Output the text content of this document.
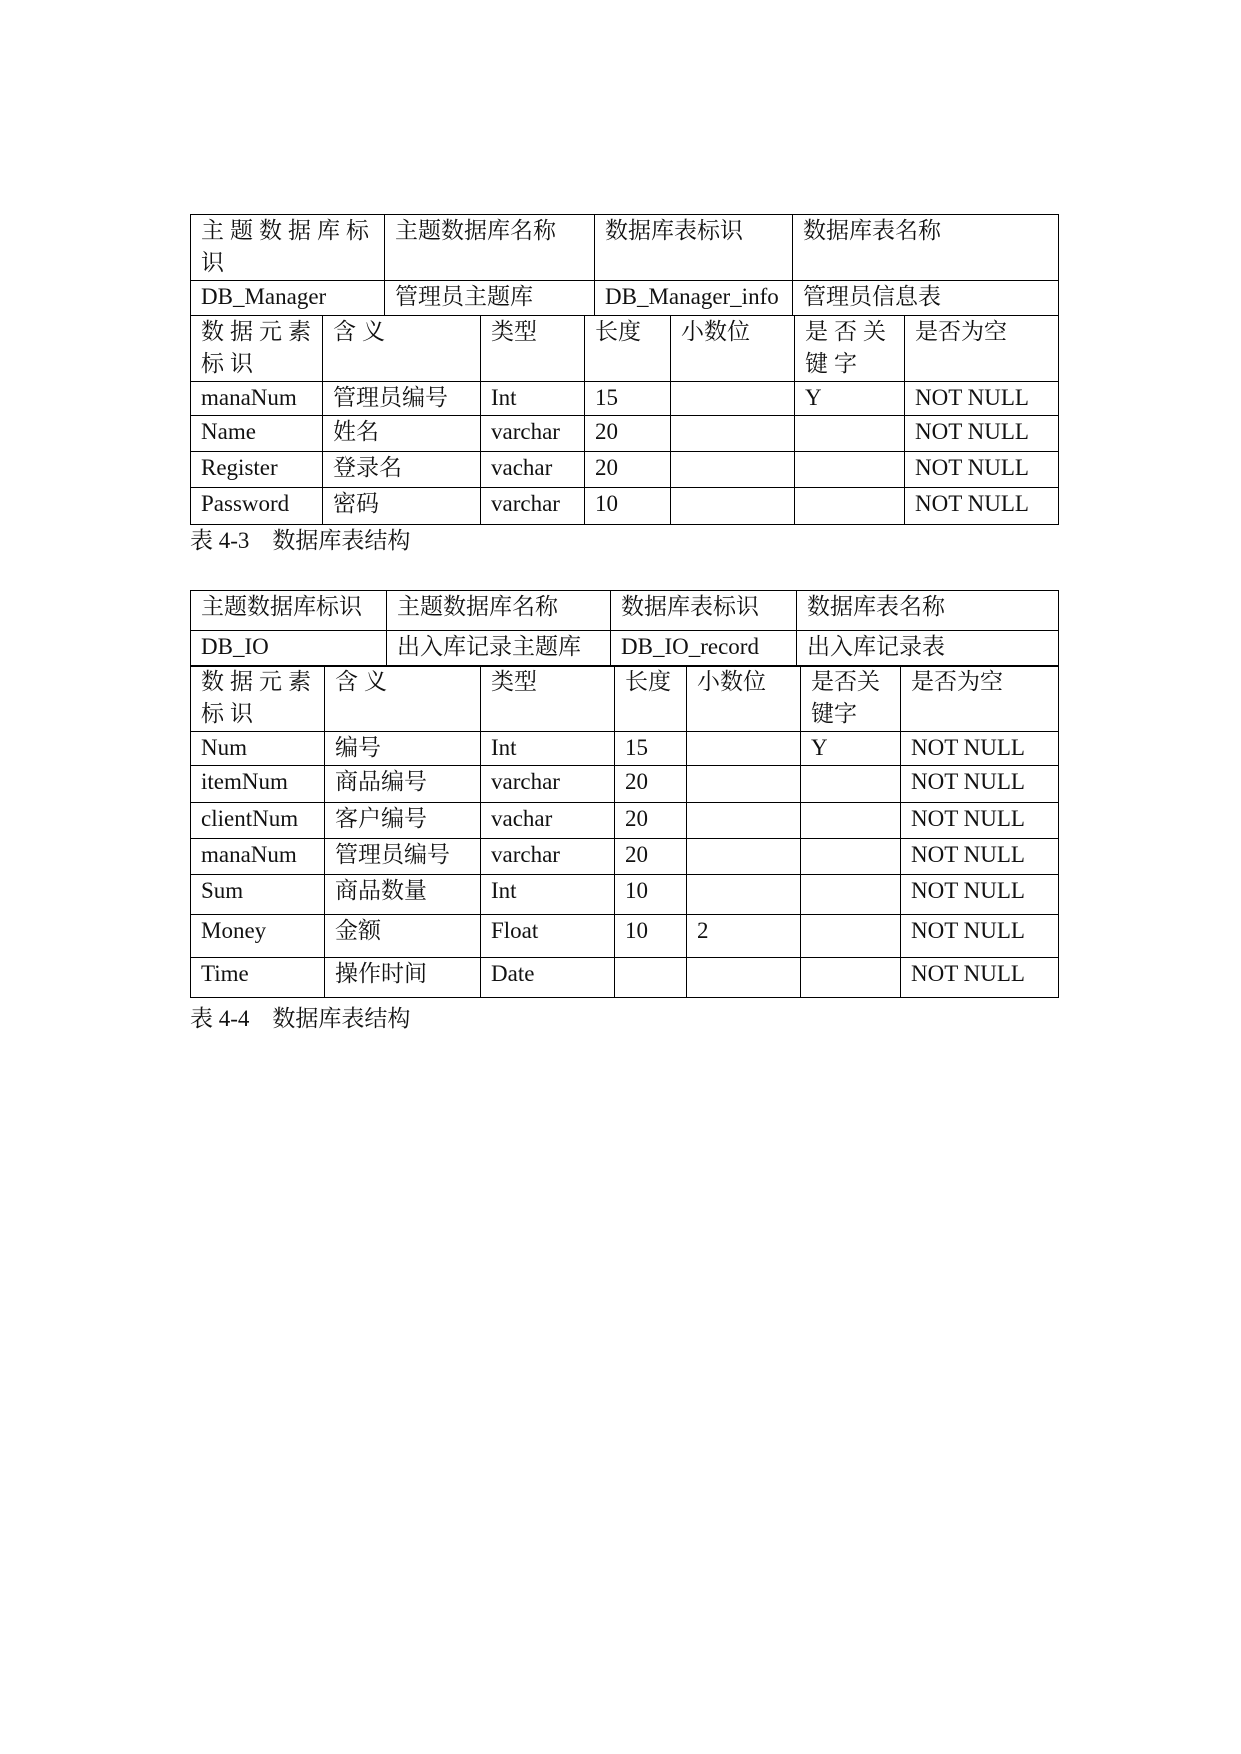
主题数据库标识	主题数据库名称	数据库表标识	数据库表名称
DB_Manager	管理员主题库	DB_Manager_info	管理员信息表
数据元素标识	含义	类型	长度	小数位	是否关键字	是否为空
manaNum	管理员编号	Int	15		Y	NOT NULL
Name	姓名	varchar	20			NOT NULL
Register	登录名	vachar	20			NOT NULL
Password	密码	varchar	10			NOT NULL
表 4-3    数据库表结构
主题数据库标识	主题数据库名称	数据库表标识	数据库表名称
DB_IO	出入库记录主题库	DB_IO_record	出入库记录表
数据元素标识	含义	类型	长度	小数位	是否关键字	是否为空
Num	编号	Int	15		Y	NOT NULL
itemNum	商品编号	varchar	20			NOT NULL
clientNum	客户编号	vachar	20			NOT NULL
manaNum	管理员编号	varchar	20			NOT NULL
Sum	商品数量	Int	10			NOT NULL
Money	金额	Float	10	2		NOT NULL
Time	操作时间	Date				NOT NULL
表 4-4    数据库表结构
